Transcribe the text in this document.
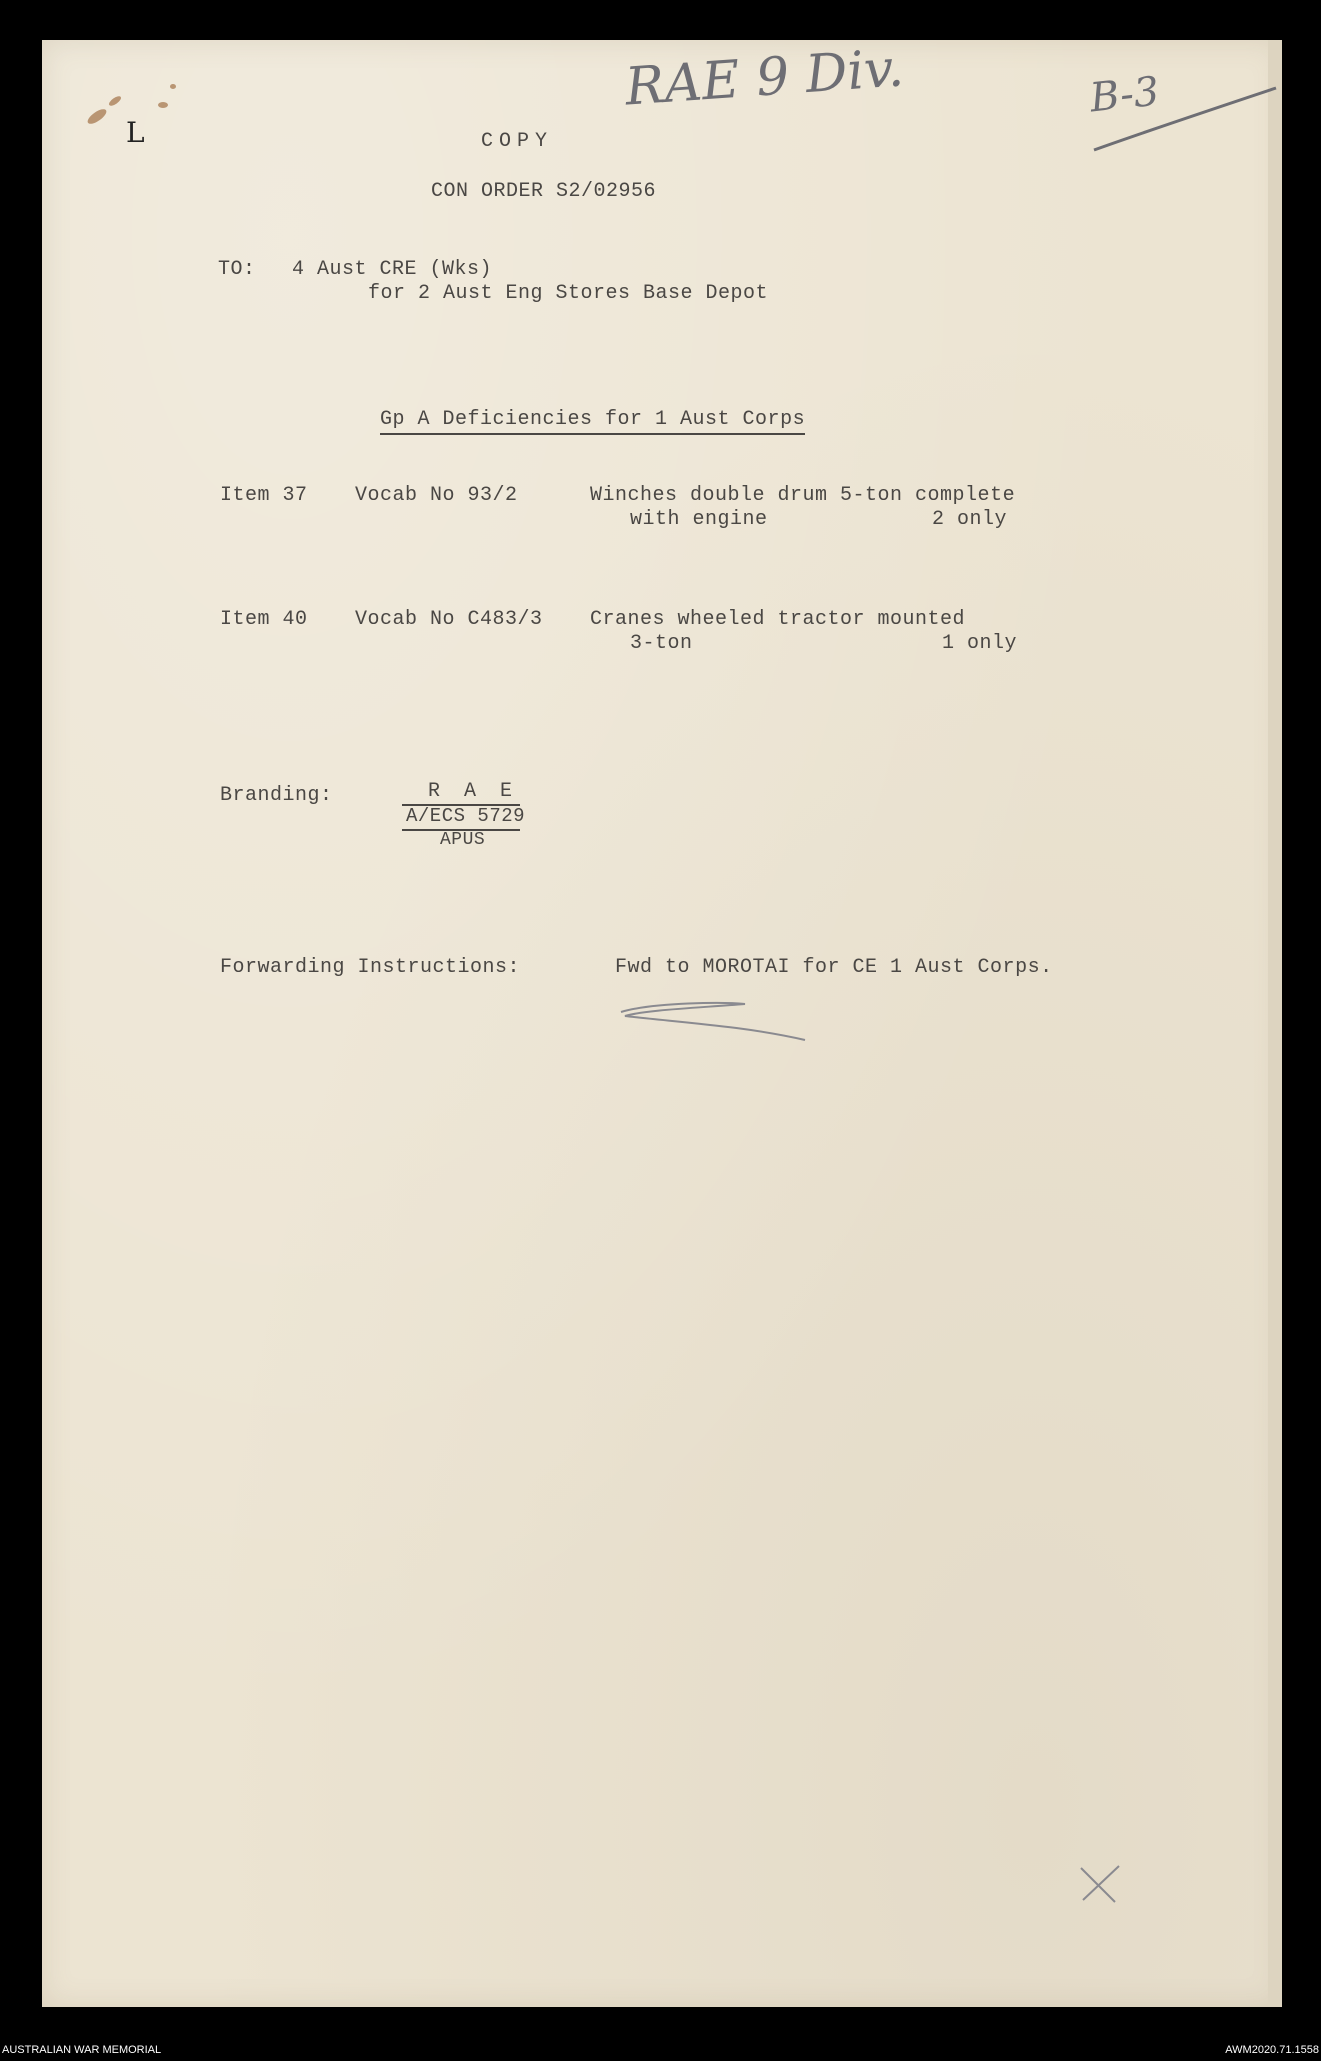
RAE 9 Div.	B-3
L	COPY
CON ORDER S2/02956
TO: 4 Aust CRE (Wks)
for 2 Aust Eng Stores Base Depot
Gp A Deficiencies for 1 Aust Corps
Item 37 Vocab No 93/2	Winches double drum 5-ton complete
with engine	2 only
Item 40 Vocab No C483/3 Cranes wheeled tractor mounted
3-ton	1 only
Branding:	R A E
A/ECS 5729
APUS
Forwarding Instructions:	Fwd to MOROTAI for CE 1 Aust Corps.
AUSTRALIAN WAR MEMORIAL	AWM2020.71.1558
